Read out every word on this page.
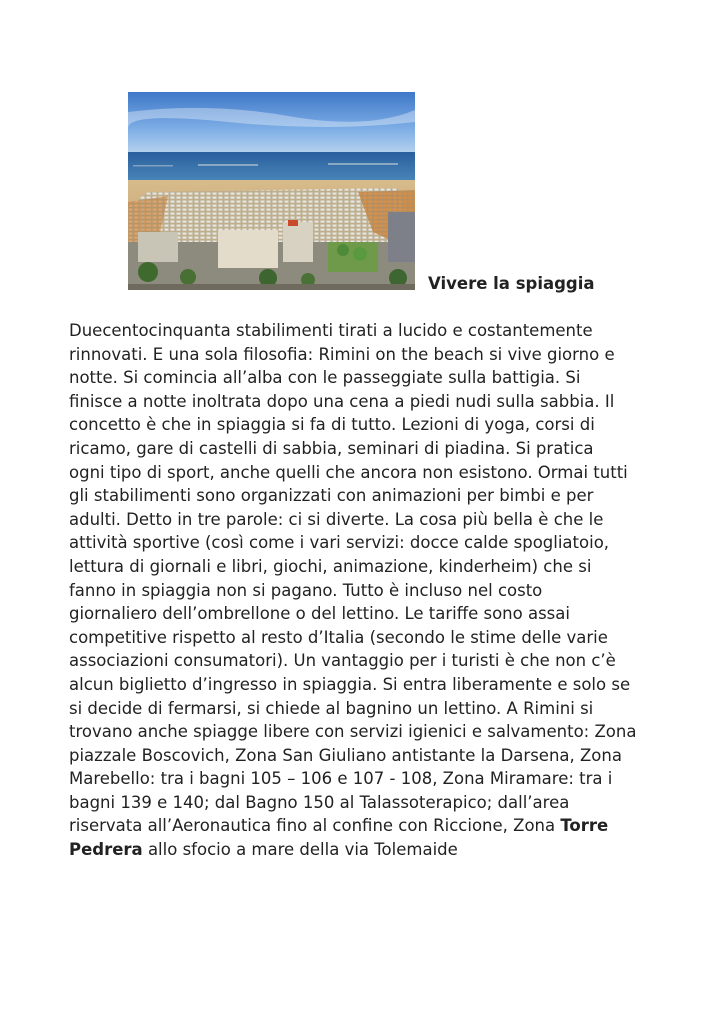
Vivere la spiaggia

Duecentocinquanta stabilimenti tirati a lucido e costantemente
rinnovati. E una sola filosofia: Rimini on the beach si vive giorno e
notte. Si comincia all’alba con le passeggiate sulla battigia. Si
finisce a notte inoltrata dopo una cena a piedi nudi sulla sabbia. Il
concetto è che in spiaggia si fa di tutto. Lezioni di yoga, corsi di
ricamo, gare di castelli di sabbia, seminari di piadina. Si pratica
ogni tipo di sport, anche quelli che ancora non esistono. Ormai tutti
gli stabilimenti sono organizzati con animazioni per bimbi e per
adulti. Detto in tre parole: ci si diverte. La cosa più bella è che le
attività sportive (così come i vari servizi: docce calde spogliatoio,
lettura di giornali e libri, giochi, animazione, kinderheim) che si
fanno in spiaggia non si pagano. Tutto è incluso nel costo
giornaliero dell’ombrellone o del lettino. Le tariffe sono assai
competitive rispetto al resto d’Italia (secondo le stime delle varie
associazioni consumatori). Un vantaggio per i turisti è che non c’è
alcun biglietto d’ingresso in spiaggia. Si entra liberamente e solo se
si decide di fermarsi, si chiede al bagnino un lettino. A Rimini si
trovano anche spiagge libere con servizi igienici e salvamento: Zona
piazzale Boscovich, Zona San Giuliano antistante la Darsena, Zona
Marebello: tra i bagni 105 – 106 e 107 - 108, Zona Miramare: tra i
bagni 139 e 140; dal Bagno 150 al Talassoterapico; dall’area
riservata all’Aeronautica fino al confine con Riccione, Zona Torre
Pedrera allo sfocio a mare della via Tolemaide
